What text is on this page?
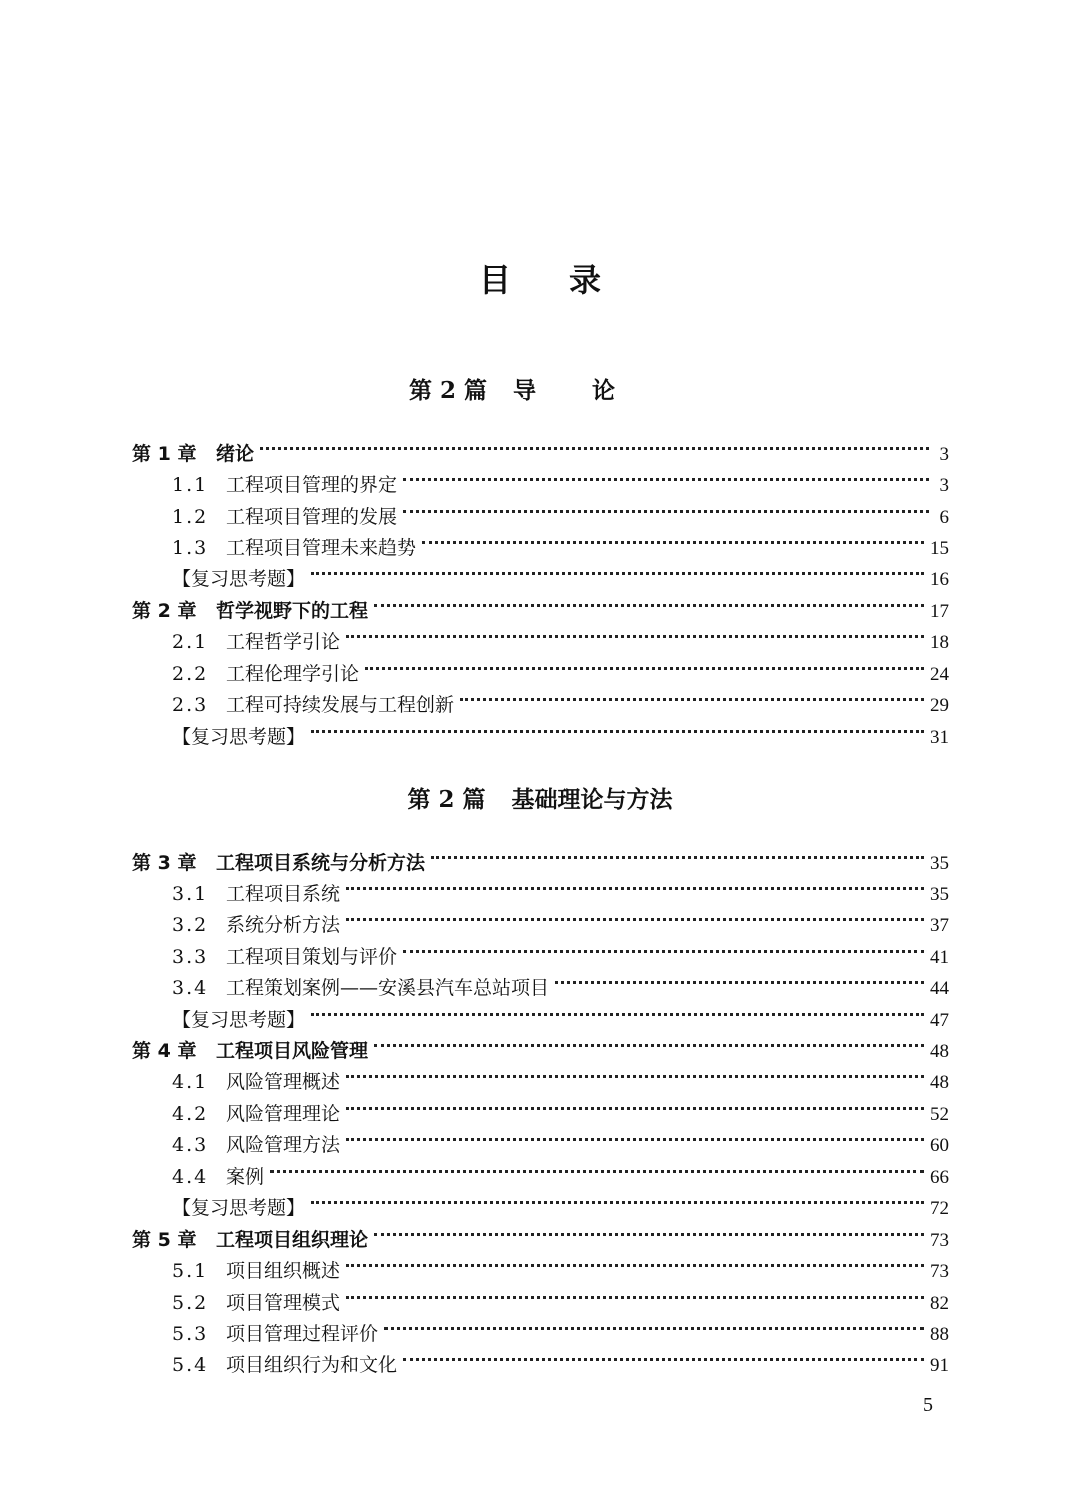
目录
第 2 篇 导论
第 2 篇 基础理论与方法
第 1 章	绪论	3
1.1 工程项目管理的界定	3
1.2 工程项目管理的发展	6
1.3 工程项目管理未来趋势	15
【复习思考题】	16
第 2 章	哲学视野下的工程	17
2.1 工程哲学引论	18
2.2 工程伦理学引论	24
2.3 工程可持续发展与工程创新	29
【复习思考题】	31
第 3 章	工程项目系统与分析方法	35
3.1 工程项目系统	35
3.2 系统分析方法	37
3.3 工程项目策划与评价	41
3.4 工程策划案例——安溪县汽车总站项目	44
【复习思考题】	47
第 4 章	工程项目风险管理	48
4.1 风险管理概述	48
4.2 风险管理理论	52
4.3 风险管理方法	60
4.4 案例	66
【复习思考题】	72
第 5 章	工程项目组织理论	73
5.1 项目组织概述	73
5.2 项目管理模式	82
5.3 项目管理过程评价	88
5.4 项目组织行为和文化	91
5
